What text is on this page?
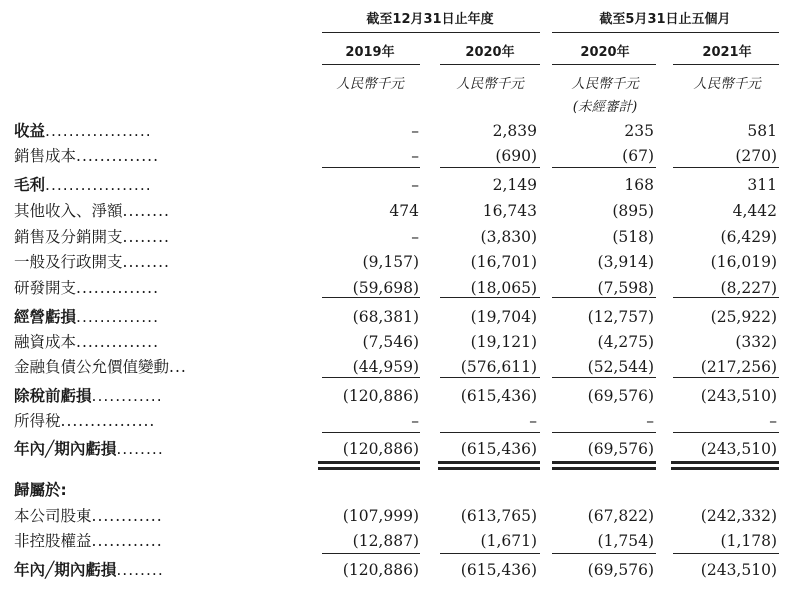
截至12月31日止年度	截至5月31日止五個月
2019年	2020年	2020年	2021年
人民幣千元	人民幣千元	人民幣千元	人民幣千元
(未經審計)
收益..................	–	2,839	235	581
銷售成本..............	–	(690)	(67)	(270)
毛利..................	–	2,149	168	311
其他收入、淨額........	474	16,743	(895)	4,442
銷售及分銷開支........	–	(3,830)	(518)	(6,429)
一般及行政開支........	(9,157)	(16,701)	(3,914)	(16,019)
研發開支..............	(59,698)	(18,065)	(7,598)	(8,227)
經營虧損..............	(68,381)	(19,704)	(12,757)	(25,922)
融資成本..............	(7,546)	(19,121)	(4,275)	(332)
金融負債公允價值變動...	(44,959)	(576,611)	(52,544)	(217,256)
除稅前虧損............	(120,886)	(615,436)	(69,576)	(243,510)
所得稅................	–	–	–	–
年內╱期內虧損........	(120,886)	(615,436)	(69,576)	(243,510)
歸屬於:
本公司股東............	(107,999)	(613,765)	(67,822)	(242,332)
非控股權益............	(12,887)	(1,671)	(1,754)	(1,178)
年內╱期內虧損........	(120,886)	(615,436)	(69,576)	(243,510)
